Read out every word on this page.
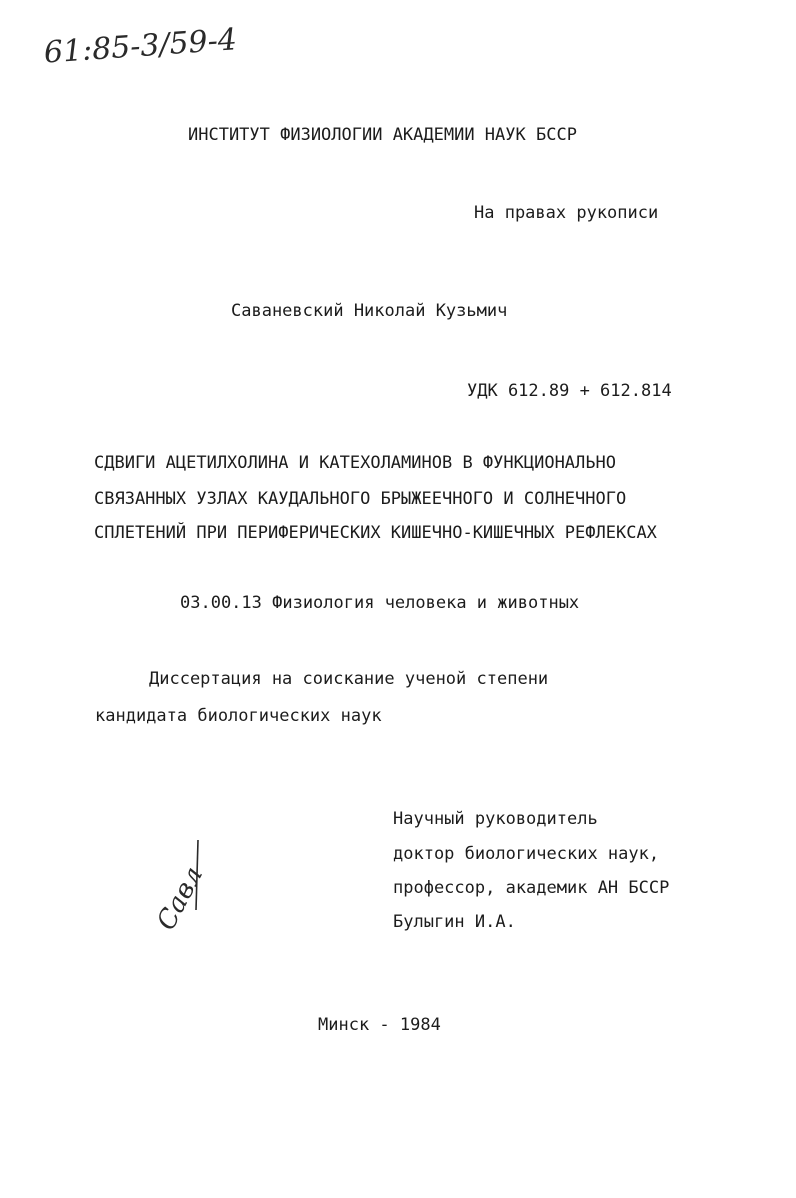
61:85-3/59-4
ИНСТИТУТ ФИЗИОЛОГИИ АКАДЕМИИ НАУК БССР
На правах рукописи
Саваневский Николай Кузьмич
УДК 612.89 + 612.814
СДВИГИ АЦЕТИЛХОЛИНА И КАТЕХОЛАМИНОВ В ФУНКЦИОНАЛЬНО
СВЯЗАННЫХ УЗЛАХ КАУДАЛЬНОГО БРЫЖЕЕЧНОГО И СОЛНЕЧНОГО
СПЛЕТЕНИЙ ПРИ ПЕРИФЕРИЧЕСКИХ КИШЕЧНО-КИШЕЧНЫХ РЕФЛЕКСАХ
03.00.13 Физиология человека и животных
Диссертация на соискание ученой степени
кандидата биологических наук
Научный руководитель
доктор биологических наук,
профессор, академик АН БССР
Булыгин И.А.
Савл
Минск - 1984
